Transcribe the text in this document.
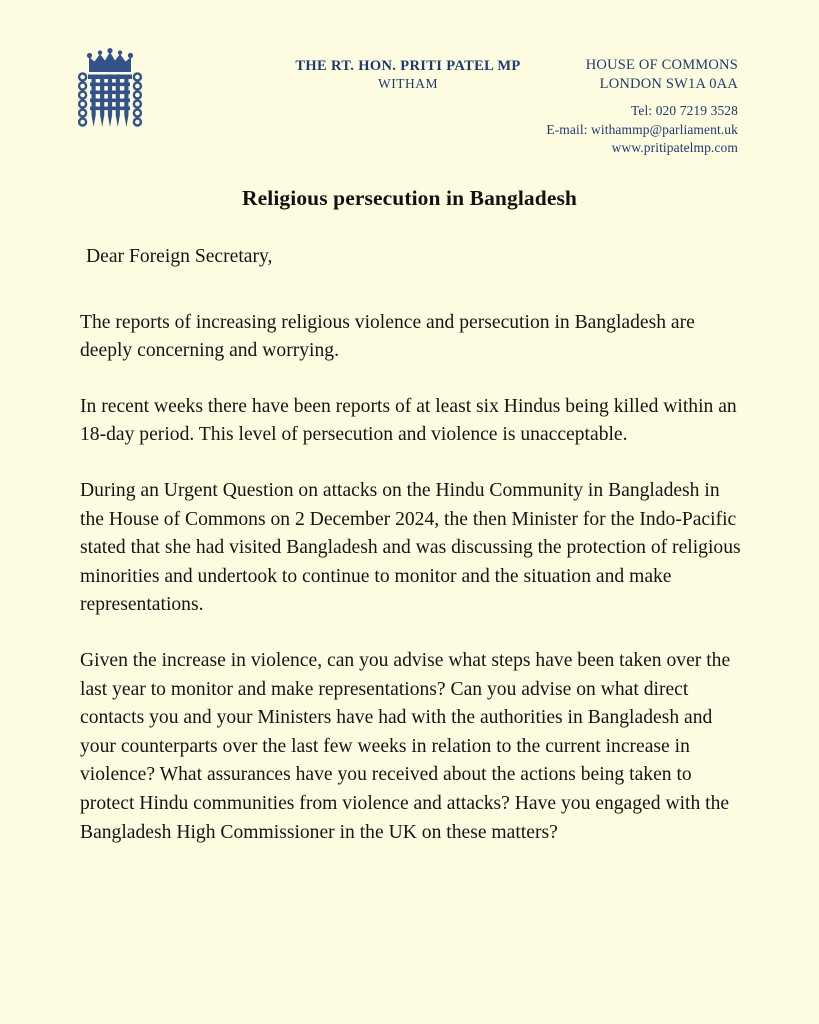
THE RT. HON. PRITI PATEL MP
WITHAM
HOUSE OF COMMONS
LONDON SW1A 0AA
Tel: 020 7219 3528
E-mail: withammp@parliament.uk
www.pritipatelmp.com
Religious persecution in Bangladesh

Dear Foreign Secretary,

The reports of increasing religious violence and persecution in Bangladesh are deeply concerning and worrying.

In recent weeks there have been reports of at least six Hindus being killed within an 18-day period. This level of persecution and violence is unacceptable.

During an Urgent Question on attacks on the Hindu Community in Bangladesh in the House of Commons on 2 December 2024, the then Minister for the Indo-Pacific stated that she had visited Bangladesh and was discussing the protection of religious minorities and undertook to continue to monitor and the situation and make representations.

Given the increase in violence, can you advise what steps have been taken over the last year to monitor and make representations? Can you advise on what direct contacts you and your Ministers have had with the authorities in Bangladesh and your counterparts over the last few weeks in relation to the current increase in violence? What assurances have you received about the actions being taken to protect Hindu communities from violence and attacks? Have you engaged with the Bangladesh High Commissioner in the UK on these matters?
